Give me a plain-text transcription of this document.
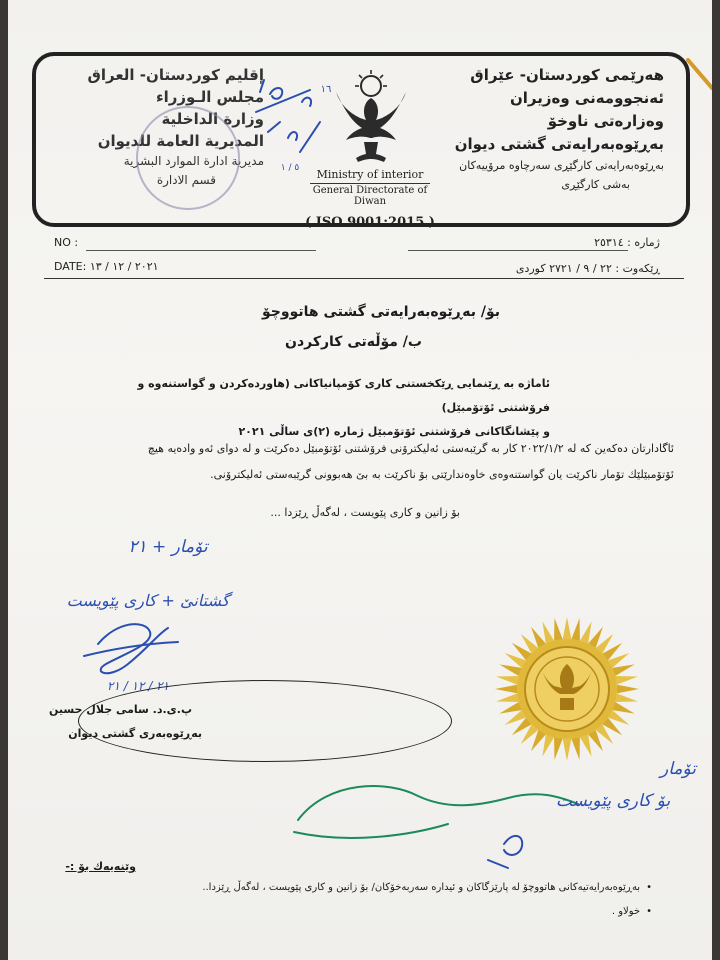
هەرێمی کوردستان- عێراق
ئەنجوومەنی وەزیران
وەزارەتی ناوخۆ
بەڕێوەبەرایەتی گشتی دیوان
بەڕێوەبەرایەتی کارگێڕی سەرچاوە مرۆییەکان
بەشی کارگێڕی
إقليم كوردستان- العراق
مجلس الـوزراء
وزارة الداخلية
المديرية العامة للديوان
مديرية ادارة الموارد البشرية
قسم الادارة	Ministry of interior
General Directorate of Diwan
( ISO 9001:2015 )
٥ / ١
١٦
NO :	ژمارە : ٢٥٣١٤
DATE: ٢٠٢١ / ١٢ / ١٣	ڕێکەوت : ٢٢ / ٩ / ٢٧٢١ کوردی
بۆ/ بەڕێوەبەرایەتی گشتی هاتووچۆ
ب/ مۆڵەتی کارکردن
ئاماژە بە ڕێنمایی ڕێکخستنی کاری کۆمپانیاکانی (هاوردەکردن و گواستنەوە و فرۆشتنی ئۆتۆمبێل)
و پێشانگاکانی فرۆشتنی ئۆتۆمبێل ژمارە (٢)ی ساڵی ٢٠٢١
ئاگادارتان دەکەین کە لە ٢٠٢٢/١/٢ کار بە گرێبەستی ئەلیکترۆنی فرۆشتنی ئۆتۆمبێل دەکرێت و لە دوای ئەو وادەیە هیچ
ئۆتۆمبێلێك تۆمار ناکرێت یان گواستنەوەی خاوەندارێتی بۆ ناکرێت بە بێ هەبوونی گرێبەستی ئەلیکترۆنی.
بۆ زانین و کاری پێویست ، لەگەڵ ڕێزدا ...
تۆمار + ٢١
گشتانێ + کاری پێویست
٢١ / ١٢ / ٢١
پ.ی.د. سامی جلال حسین
بەڕێوەبەری گشتی دیوان
تۆمار
بۆ کاری پێویست
وێنەیەك بۆ :-
• بەڕێوەبەرایەتیەکانی هاتووچۆ لە پارێزگاکان و ئیدارە سەربەخۆکان/ بۆ زانین و کاری پێویست ، لەگەڵ ڕێزدا..
• خولاو .
